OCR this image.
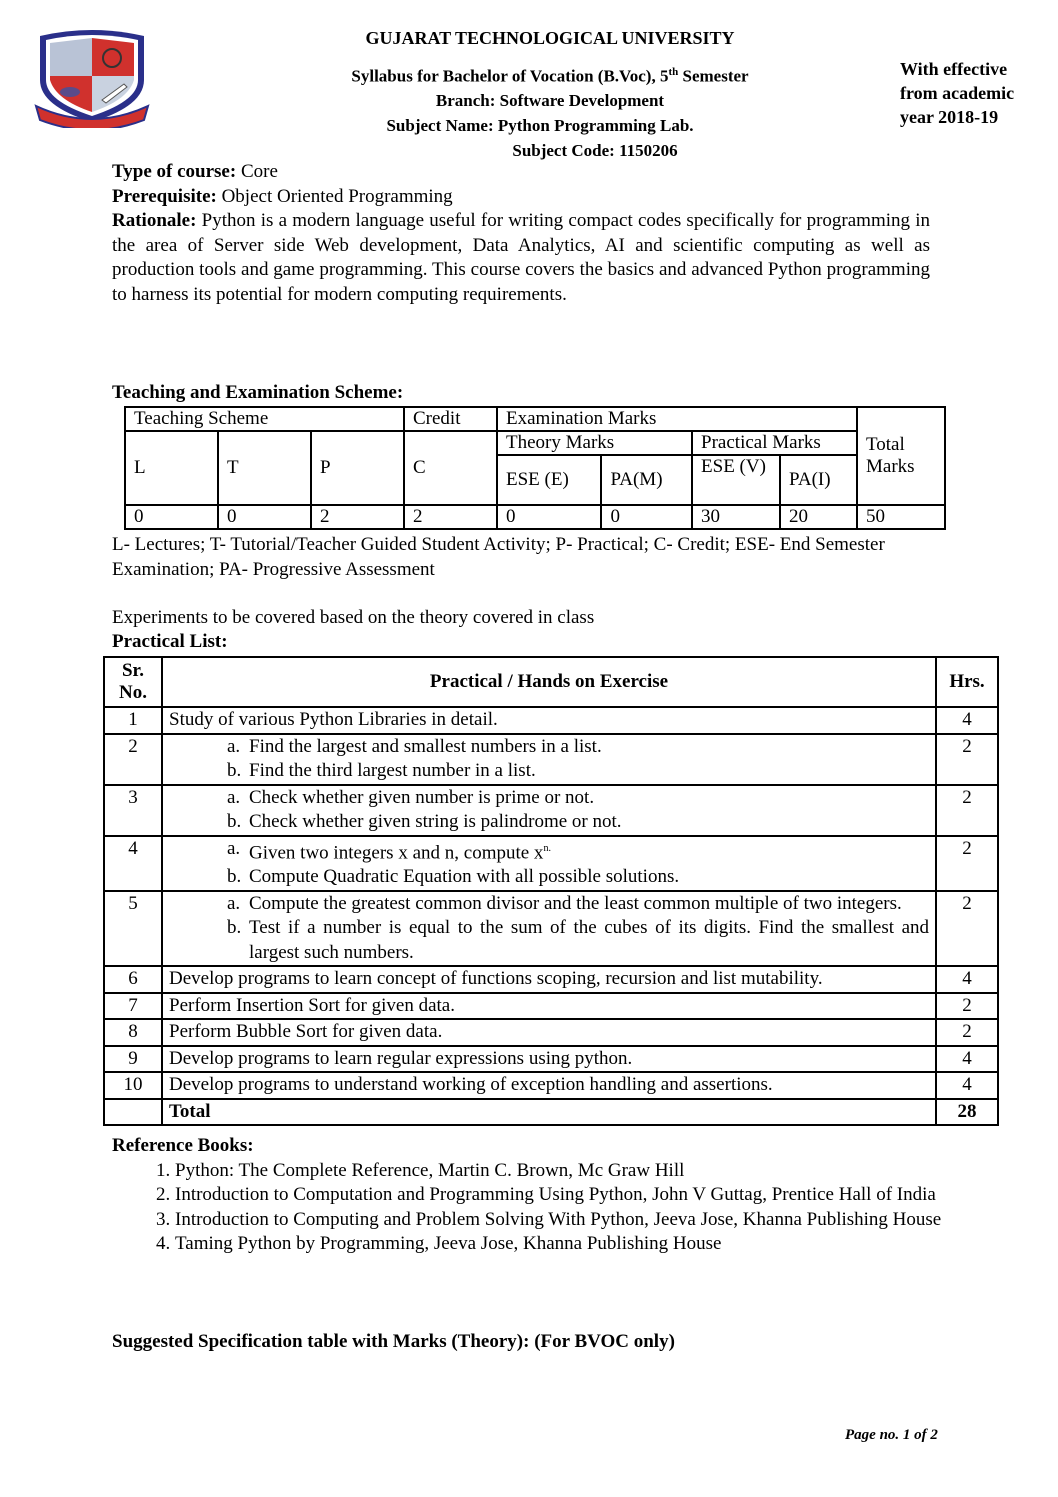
GUJARAT TECHNOLOGICAL UNIVERSITY
Syllabus for Bachelor of Vocation (B.Voc), 5th Semester
Branch: Software Development
Subject Name: Python Programming Lab.
Subject Code: 1150206
With effective
from academic
year 2018-19

Type of course: Core

Prerequisite: Object Oriented Programming

Rationale: Python is a modern language useful for writing compact codes specifically for programming in the area of Server side Web development, Data Analytics, AI and scientific computing as well as production tools and game programming. This course covers the basics and advanced Python programming to harness its potential for modern computing requirements.

Teaching and Examination Scheme:
Teaching Scheme			Credit	Examination Marks				Total Marks
L	T	P	C	Theory Marks		Practical Marks		
				ESE (E)	PA(M)	ESE (V)	PA(I)	
0	0	2	2	0	0	30	20	50

L- Lectures; T- Tutorial/Teacher Guided Student Activity; P- Practical; C- Credit; ESE- End Semester Examination; PA- Progressive Assessment

Experiments to be covered based on the theory covered in class
Practical List:
Sr. No.	Practical / Hands on Exercise	Hrs.
1	Study of various Python Libraries in detail.	4
2	a. Find the largest and smallest numbers in a list.
b. Find the third largest number in a list.	2
3	a. Check whether given number is prime or not.
b. Check whether given string is palindrome or not.	2
4	a. Given two integers x and n, compute $x^{n.}$
b. Compute Quadratic Equation with all possible solutions.	2
5	a. Compute the greatest common divisor and the least common multiple of two integers.
b. Test if a number is equal to the sum of the cubes of its digits. Find the smallest and largest such numbers.	2
6	Develop programs to learn concept of functions scoping, recursion and list mutability.	4
7	Perform Insertion Sort for given data.	2
8	Perform Bubble Sort for given data.	2
9	Develop programs to learn regular expressions using python.	4
10	Develop programs to understand working of exception handling and assertions.	4
	Total	28
Reference Books:
1. Python: The Complete Reference, Martin C. Brown, Mc Graw Hill
2. Introduction to Computation and Programming Using Python, John V Guttag, Prentice Hall of India
3. Introduction to Computing and Problem Solving With Python, Jeeva Jose, Khanna Publishing House
4. Taming Python by Programming, Jeeva Jose, Khanna Publishing House
Suggested Specification table with Marks (Theory): (For BVOC only)
Page no. 1 of 2
